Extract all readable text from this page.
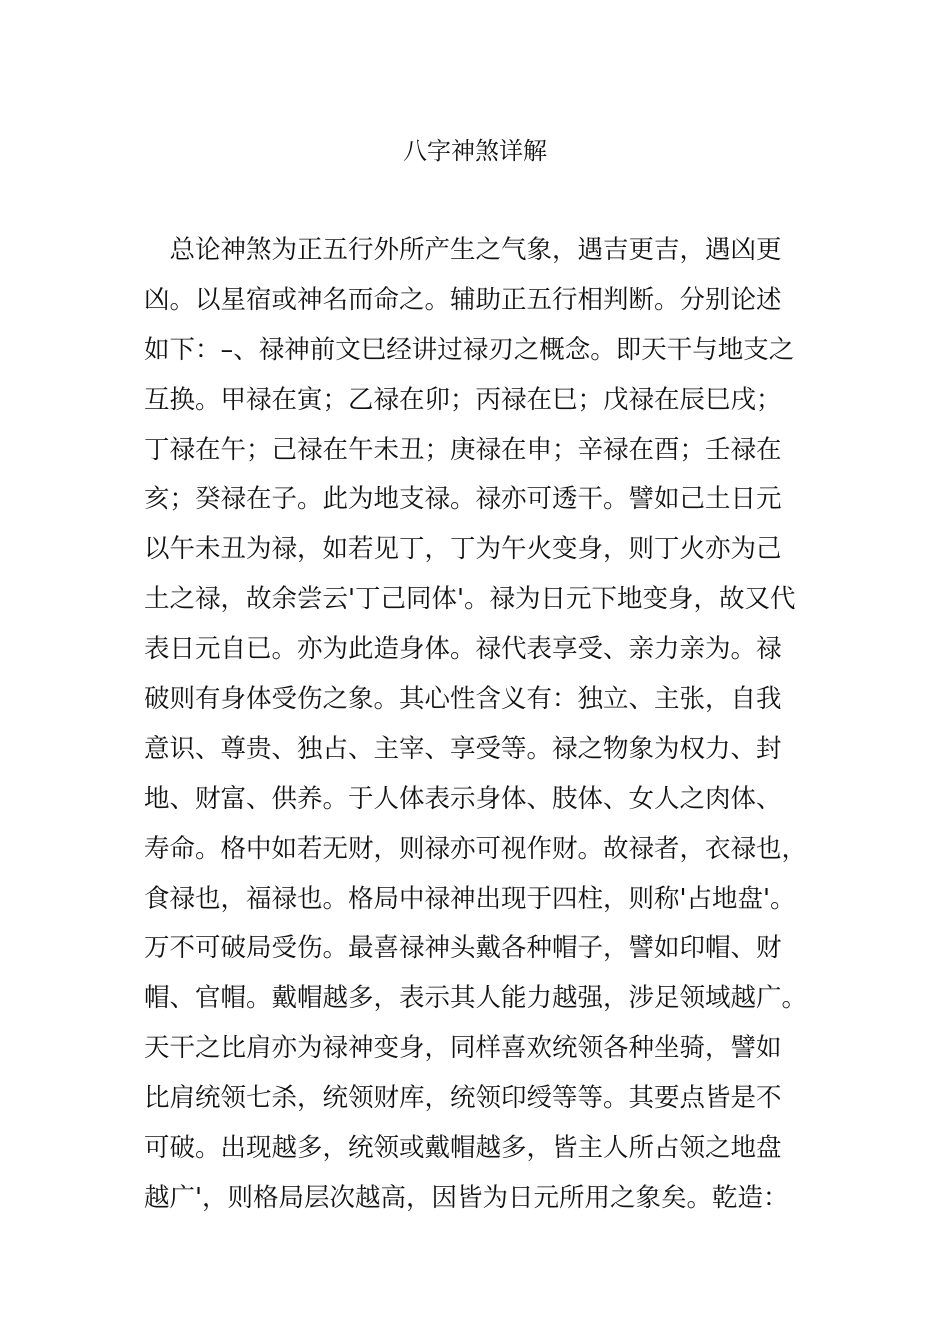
八字神煞详解
　总论神煞为正五行外所产生之气象，遇吉更吉，遇凶更
凶。以星宿或神名而命之。辅助正五行相判断。分别论述
如下：–、禄神前文巳经讲过禄刃之概念。即天干与地支之
互换。甲禄在寅；乙禄在卯；丙禄在巳；戊禄在辰巳戌；
丁禄在午；己禄在午未丑；庚禄在申；辛禄在酉；壬禄在
亥；癸禄在子。此为地支禄。禄亦可透干。譬如己土日元
以午未丑为禄，如若见丁，丁为午火变身，则丁火亦为己
土之禄，故余尝云'丁己同体'。禄为日元下地变身，故又代
表日元自已。亦为此造身体。禄代表享受、亲力亲为。禄
破则有身体受伤之象。其心性含义有：独立、主张，自我
意识、尊贵、独占、主宰、享受等。禄之物象为权力、封
地、财富、供养。于人体表示身体、肢体、女人之肉体、
寿命。格中如若无财，则禄亦可视作财。故禄者，衣禄也，
食禄也，福禄也。格局中禄神出现于四柱，则称'占地盘'。
万不可破局受伤。最喜禄神头戴各种帽子，譬如印帽、财
帽、官帽。戴帽越多，表示其人能力越强，涉足领域越广。
天干之比肩亦为禄神变身，同样喜欢统领各种坐骑，譬如
比肩统领七杀，统领财库，统领印绶等等。其要点皆是不
可破。出现越多，统领或戴帽越多，皆主人所占领之地盘
越广'，则格局层次越高，因皆为日元所用之象矣。乾造：
